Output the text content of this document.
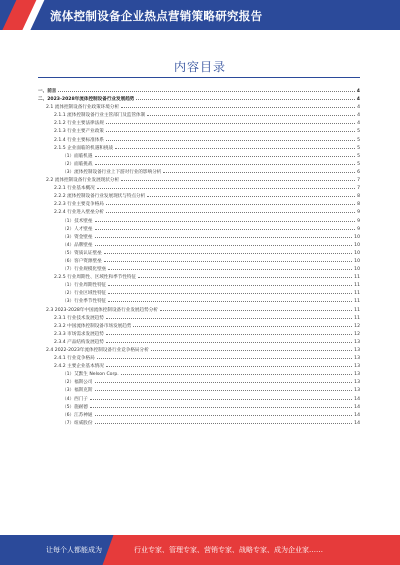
流体控制设备企业热点营销策略研究报告
内容目录
一、前言	4
二、2023-2028年流体控制设备行业发展趋势	4
2.1 流体控制设备行业政策环境分析	4
2.1.1 流体控制设备行业主管部门及监管体制	4
2.1.2 行业主要法律法规	4
2.1.3 行业主要产业政策	5
2.1.4 行业主要标准体系	5
2.1.5 企业面临的机遇和挑战	5
（1）面临机遇	5
（2）面临挑战	5
（3）流体控制设备行业上下游对行业的影响分析	6
2.2 流体控制设备行业发展现状分析	7
2.2.1 行业基本概况	7
2.2.2 流体控制设备行业发展现状与特点分析	8
2.2.3 行业主要竞争格局	8
2.2.4 行业进入壁垒分析	9
（1）技术壁垒	9
（2）人才壁垒	9
（3）资金壁垒	10
（4）品牌壁垒	10
（5）资质认证壁垒	10
（6）客户资源壁垒	10
（7）行业规模化壁垒	10
2.2.5 行业周期性、区域性和季节性特征	11
（1）行业周期性特征	11
（2）行业区域性特征	11
（3）行业季节性特征	11
2.3 2023-2028年中国流体控制设备行业发展趋势分析	11
2.3.1 行业技术发展趋势	11
2.3.2 中国流体控制设备市场发展趋势	12
2.3.3 市场需求发展趋势	12
2.3.4 产品结构发展趋势	13
2.4 2022-2023年流体控制设备行业竞争格局分析	13
2.4.1 行业竞争格局	13
2.4.2 主要企业基本情况	13
（1）艾默生 Nelson Corp.	13
（2）福斯公司	13
（3）福斯克斯	13
（4）西门子	14
（5）施耐德	14
（6）江苏神通	14
（7）纽威股份	14
让每个人都能成为	行业专家、管理专家、营销专家、战略专家、成为企业家……
